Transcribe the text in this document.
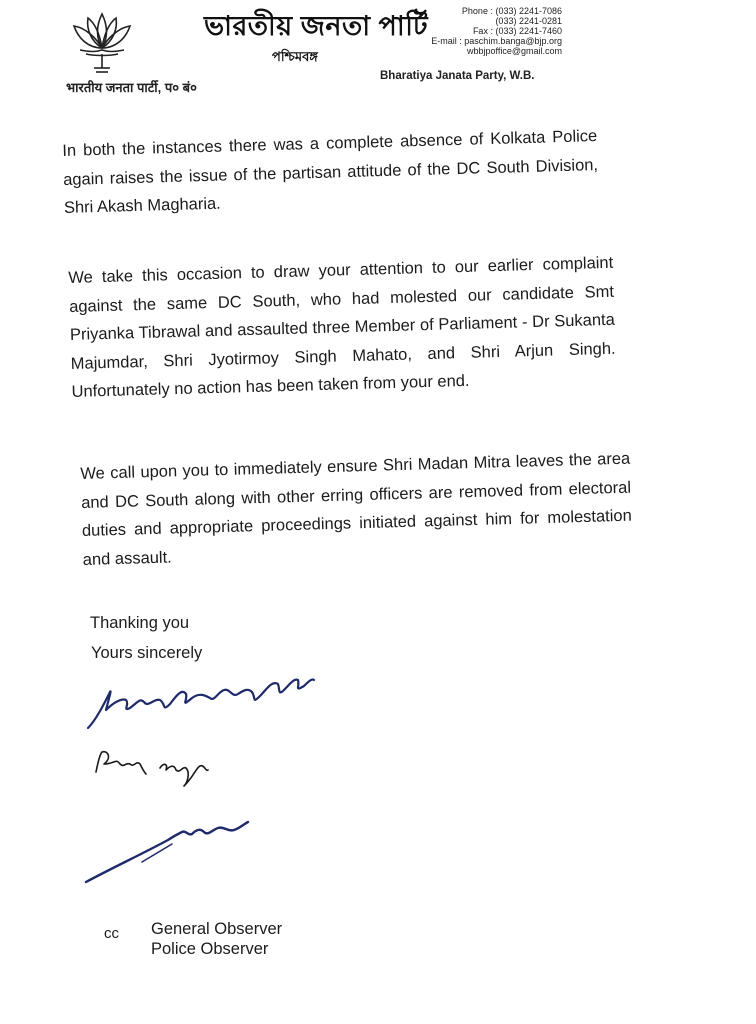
भारतीय जनता पार्टी, प० बं०
ভারতীয় জনতা পার্টি
পশ্চিমবঙ্গ
Phone : (033) 2241-7086
(033) 2241-0281
Fax : (033) 2241-7460
E-mail : paschim.banga@bjp.org
wbbjpoffice@gmail.com
Bharatiya Janata Party, W.B.
In both the instances there was a complete absence of Kolkata Police again raises the issue of the partisan attitude of the DC South Division, Shri Akash Magharia.
We take this occasion to draw your attention to our earlier complaint against the same DC South, who had molested our candidate Smt Priyanka Tibrawal and assaulted three Member of Parliament - Dr Sukanta Majumdar, Shri Jyotirmoy Singh Mahato, and Shri Arjun Singh. Unfortunately no action has been taken from your end.
We call upon you to immediately ensure Shri Madan Mitra leaves the area and DC South along with other erring officers are removed from electoral duties and appropriate proceedings initiated against him for molestation and assault.
Thanking you
Yours sincerely
cc General Observer
Police Observer
